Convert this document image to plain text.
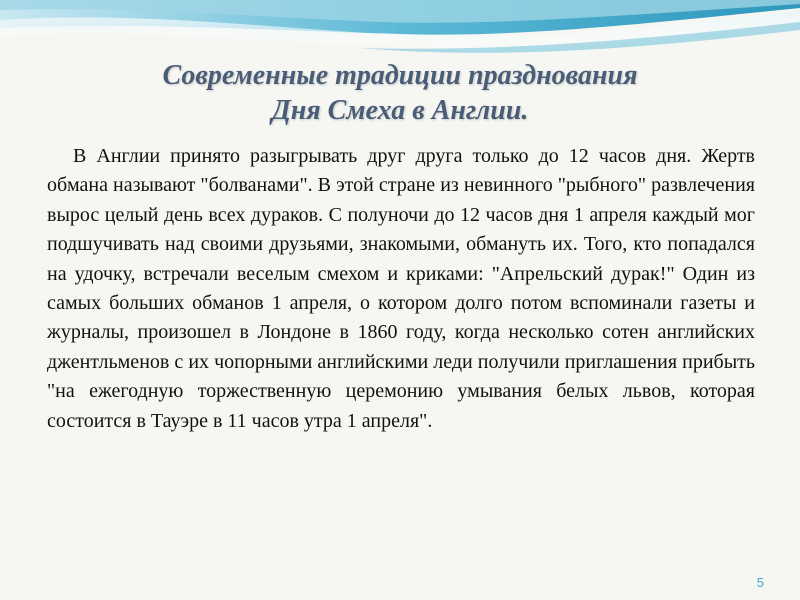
Современные традиции празднования
Дня Смеха в Англии.

В Англии принято разыгрывать друг друга только до 12 часов дня. Жертв обмана называют "болванами". В этой стране из невинного "рыбного" развлечения вырос целый день всех дураков. С полуночи до 12 часов дня 1 апреля каждый мог подшучивать над своими друзьями, знакомыми, обмануть их. Того, кто попадался на удочку, встречали веселым смехом и криками: "Апрельский дурак!" Один из самых больших обманов 1 апреля, о котором долго потом вспоминали газеты и журналы, произошел в Лондоне в 1860 году, когда несколько сотен английских джентльменов с их чопорными английскими леди получили приглашения прибыть "на ежегодную торжественную церемонию умывания белых львов, которая состоится в Тауэре в 11 часов утра 1 апреля".

5
